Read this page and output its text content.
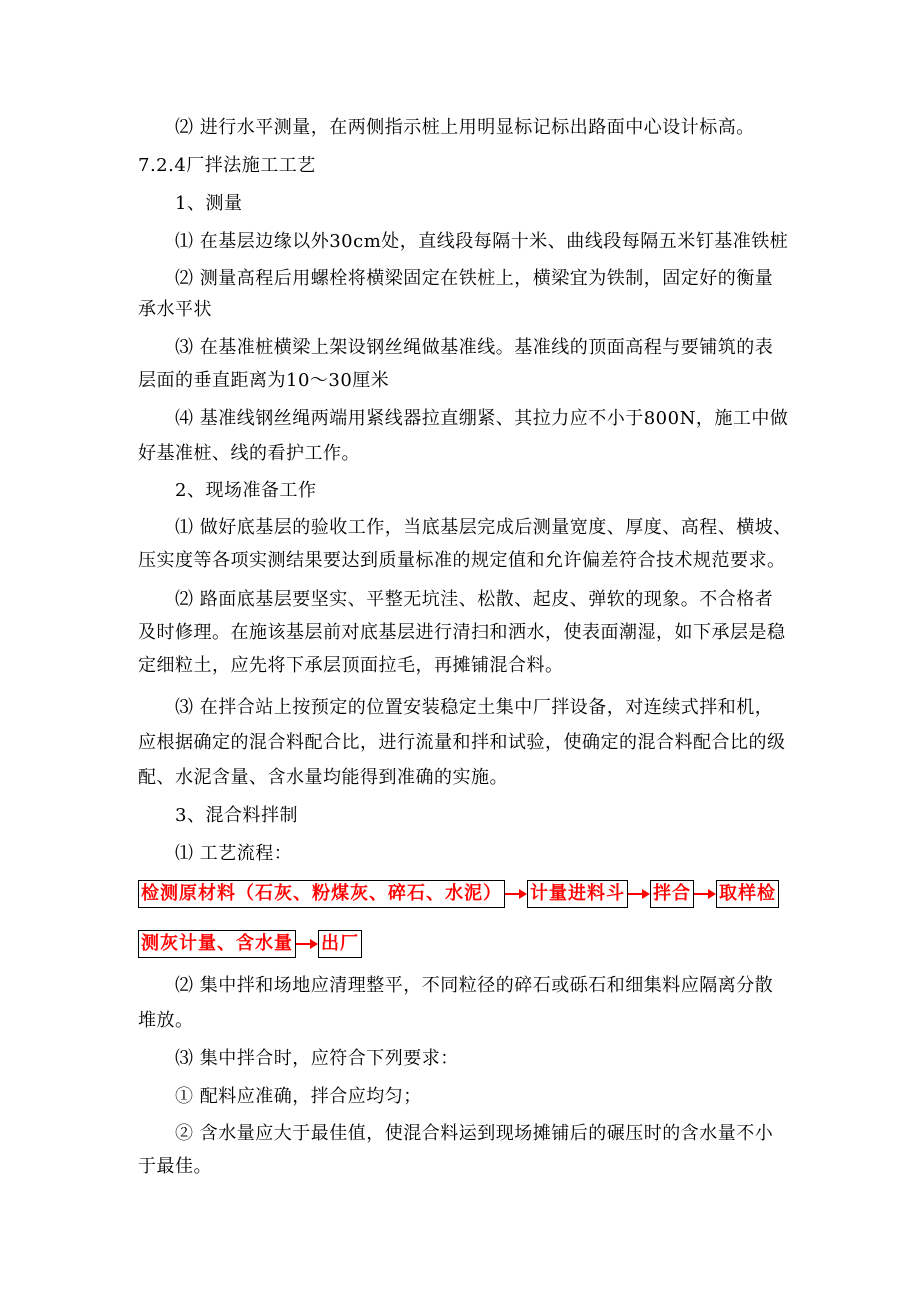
⑵ 进行水平测量，在两侧指示桩上用明显标记标出路面中心设计标高。
7.2.4厂拌法施工工艺
1、测量
⑴ 在基层边缘以外30cm处，直线段每隔十米、曲线段每隔五米钉基准铁桩
⑵ 测量高程后用螺栓将横梁固定在铁桩上，横梁宜为铁制，固定好的衡量
承水平状
⑶ 在基准桩横梁上架设钢丝绳做基准线。基准线的顶面高程与要铺筑的表
层面的垂直距离为10～30厘米
⑷ 基准线钢丝绳两端用紧线器拉直绷紧、其拉力应不小于800N，施工中做
好基准桩、线的看护工作。
2、现场准备工作
⑴ 做好底基层的验收工作，当底基层完成后测量宽度、厚度、高程、横坡、
压实度等各项实测结果要达到质量标准的规定值和允许偏差符合技术规范要求。
⑵ 路面底基层要坚实、平整无坑洼、松散、起皮、弹软的现象。不合格者
及时修理。在施该基层前对底基层进行清扫和洒水，使表面潮湿，如下承层是稳
定细粒土，应先将下承层顶面拉毛，再摊铺混合料。
⑶ 在拌合站上按预定的位置安装稳定土集中厂拌设备，对连续式拌和机，
应根据确定的混合料配合比，进行流量和拌和试验，使确定的混合料配合比的级
配、水泥含量、含水量均能得到准确的实施。
3、混合料拌制
⑴ 工艺流程：
检测原材料（石灰、粉煤灰、碎石、水泥） 计量进料斗 拌合 取样检
测灰计量、含水量 出厂
⑵ 集中拌和场地应清理整平，不同粒径的碎石或砾石和细集料应隔离分散
堆放。
⑶ 集中拌合时，应符合下列要求：
① 配料应准确，拌合应均匀；
② 含水量应大于最佳值，使混合料运到现场摊铺后的碾压时的含水量不小
于最佳。
